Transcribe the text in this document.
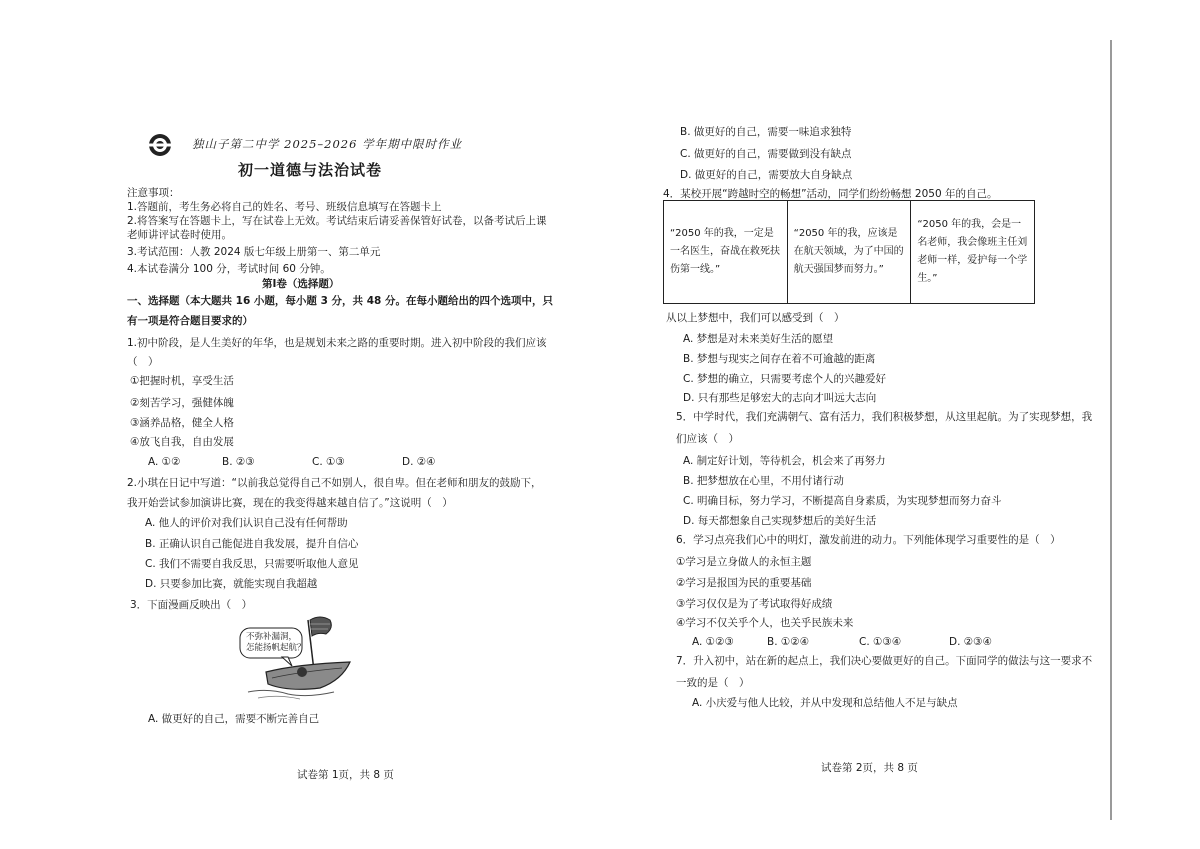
独山子第二中学 2025–2026 学年期中限时作业
初一道德与法治试卷
注意事项：
1.答题前，考生务必将自己的姓名、考号、班级信息填写在答题卡上
2.将答案写在答题卡上，写在试卷上无效。考试结束后请妥善保管好试卷，以备考试后上课
老师讲评试卷时使用。
3.考试范围：人教 2024 版七年级上册第一、第二单元
4.本试卷满分 100 分，考试时间 60 分钟。
第Ⅰ卷（选择题）
一、选择题（本大题共 16 小题，每小题 3 分，共 48 分。在每小题给出的四个选项中，只
有一项是符合题目要求的）
1.初中阶段，是人生美好的年华，也是规划未来之路的重要时期。进入初中阶段的我们应该
（　）
①把握时机，享受生活
②刻苦学习，强健体魄
③涵养品格，健全人格
④放飞自我，自由发展
A. ①②	B. ②③	C. ①③	D. ②④
2.小琪在日记中写道：“以前我总觉得自己不如别人，很自卑。但在老师和朋友的鼓励下，
我开始尝试参加演讲比赛，现在的我变得越来越自信了。”这说明（　）
A. 他人的评价对我们认识自己没有任何帮助
B. 正确认识自己能促进自我发展，提升自信心
C. 我们不需要自我反思，只需要听取他人意见
D. 只要参加比赛，就能实现自我超越
3．下面漫画反映出（　）
不弥补漏洞，
怎能扬帆起航？
A. 做更好的自己，需要不断完善自己
试卷第 1页，共 8 页
B. 做更好的自己，需要一味追求独特
C. 做更好的自己，需要做到没有缺点
D. 做更好的自己，需要放大自身缺点
4．某校开展“跨越时空的畅想”活动，同学们纷纷畅想 2050 年的自己。
“2050 年的我，一定是一名医生，奋战在救死扶伤第一线。”	“2050 年的我，应该是在航天领域，为了中国的航天强国梦而努力。”	“2050 年的我，会是一名老师，我会像班主任刘老师一样，爱护每一个学生。”
从以上梦想中，我们可以感受到（　）
A. 梦想是对未来美好生活的愿望
B. 梦想与现实之间存在着不可逾越的距离
C. 梦想的确立，只需要考虑个人的兴趣爱好
D. 只有那些足够宏大的志向才叫远大志向
5．中学时代，我们充满朝气、富有活力，我们积极梦想，从这里起航。为了实现梦想，我
们应该（　）
A. 制定好计划，等待机会，机会来了再努力
B. 把梦想放在心里，不用付诸行动
C. 明确目标，努力学习，不断提高自身素质，为实现梦想而努力奋斗
D. 每天都想象自己实现梦想后的美好生活
6．学习点亮我们心中的明灯，激发前进的动力。下列能体现学习重要性的是（　）
①学习是立身做人的永恒主题
②学习是报国为民的重要基础
③学习仅仅是为了考试取得好成绩
④学习不仅关乎个人，也关乎民族未来
A. ①②③	B. ①②④	C. ①③④	D. ②③④
7．升入初中，站在新的起点上，我们决心要做更好的自己。下面同学的做法与这一要求不
一致的是（　）
A. 小庆爱与他人比较，并从中发现和总结他人不足与缺点
试卷第 2页，共 8 页
